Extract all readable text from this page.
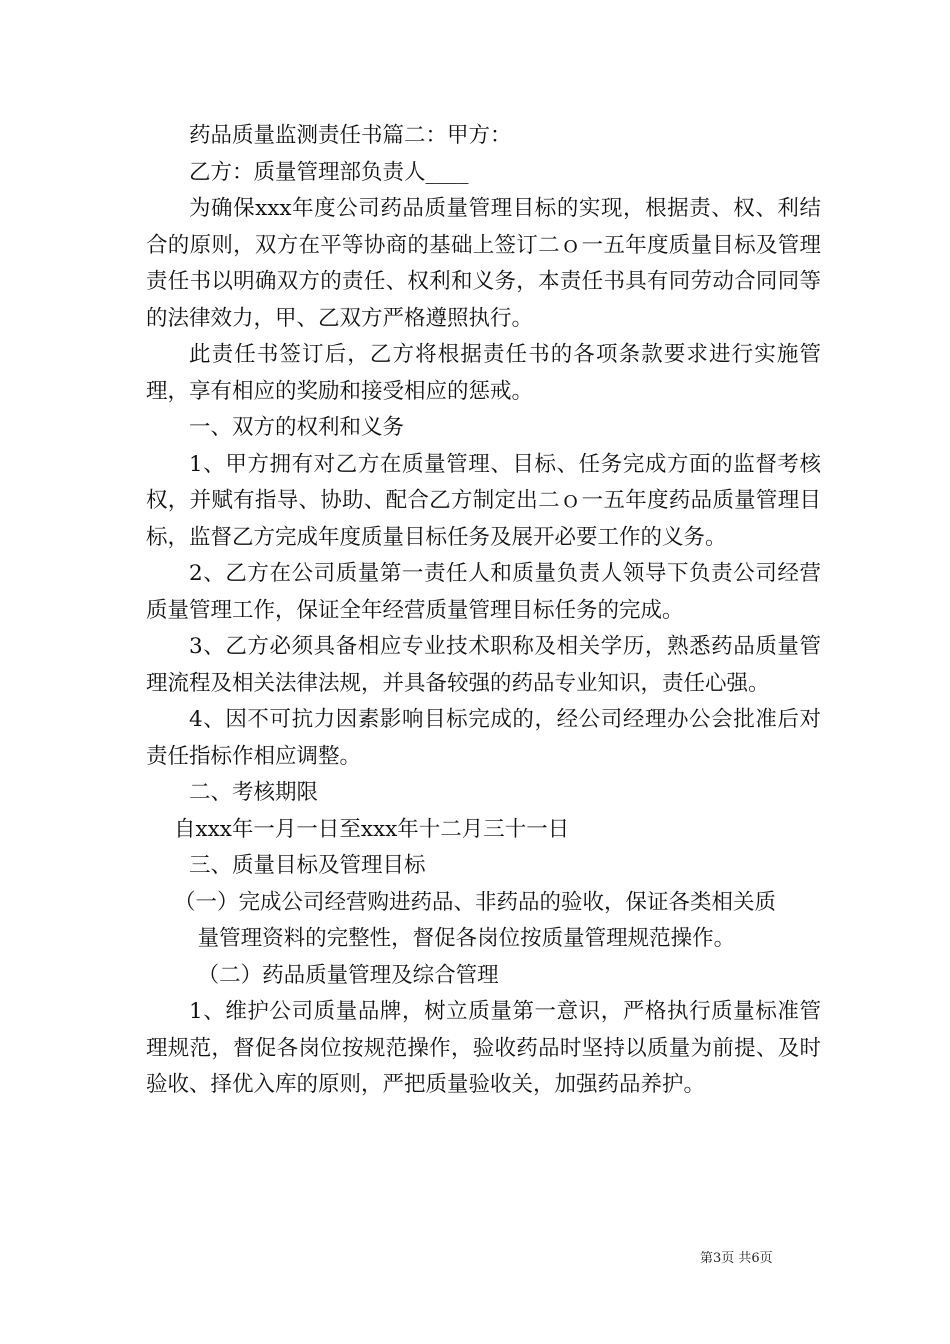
药品质量监测责任书篇二：甲方：

乙方：质量管理部负责人____

为确保xxx年度公司药品质量管理目标的实现，根据责、权、利结合的原则，双方在平等协商的基础上签订二ｏ一五年度质量目标及管理责任书以明确双方的责任、权利和义务，本责任书具有同劳动合同同等的法律效力，甲、乙双方严格遵照执行。

此责任书签订后，乙方将根据责任书的各项条款要求进行实施管理，享有相应的奖励和接受相应的惩戒。

一、双方的权利和义务

1、甲方拥有对乙方在质量管理、目标、任务完成方面的监督考核权，并赋有指导、协助、配合乙方制定出二ｏ一五年度药品质量管理目标，监督乙方完成年度质量目标任务及展开必要工作的义务。

2、乙方在公司质量第一责任人和质量负责人领导下负责公司经营质量管理工作，保证全年经营质量管理目标任务的完成。

3、乙方必须具备相应专业技术职称及相关学历，熟悉药品质量管理流程及相关法律法规，并具备较强的药品专业知识，责任心强。

4、因不可抗力因素影响目标完成的，经公司经理办公会批准后对责任指标作相应调整。

二、考核期限

自xxx年一月一日至xxx年十二月三十一日

三、质量目标及管理目标

（一）完成公司经营购进药品、非药品的验收，保证各类相关质

量管理资料的完整性，督促各岗位按质量管理规范操作。

（二）药品质量管理及综合管理

1、维护公司质量品牌，树立质量第一意识，严格执行质量标准管理规范，督促各岗位按规范操作，验收药品时坚持以质量为前提、及时验收、择优入库的原则，严把质量验收关，加强药品养护。

第3页 共6页
